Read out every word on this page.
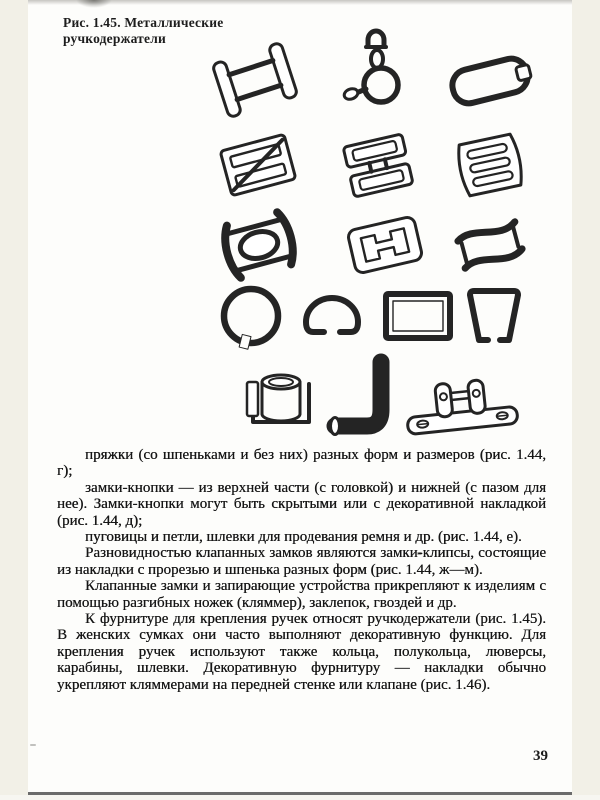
Рис. 1.45. Металлические
ручкодержатели

пряжки (со шпеньками и без них) разных форм и размеров (рис. 1.44, г);

замки-кнопки — из верхней части (с головкой) и нижней (с пазом для нее). Замки-кнопки могут быть скрытыми или с декоративной накладкой (рис. 1.44, д);

пуговицы и петли, шлевки для продевания ремня и др. (рис. 1.44, е).

Разновидностью клапанных замков являются замки-клипсы, состоящие из накладки с прорезью и шпенька разных форм (рис. 1.44, ж—м).

Клапанные замки и запирающие устройства прикрепляют к изделиям с помощью разгибных ножек (кляммер), заклепок, гвоздей и др.

К фурнитуре для крепления ручек относят ручкодержатели (рис. 1.45). В женских сумках они часто выполняют декоративную функцию. Для крепления ручек используют также кольца, полукольца, люверсы, карабины, шлевки. Декоративную фурнитуру — накладки обычно укрепляют кляммерами на передней стенке или клапане (рис. 1.46).

39
